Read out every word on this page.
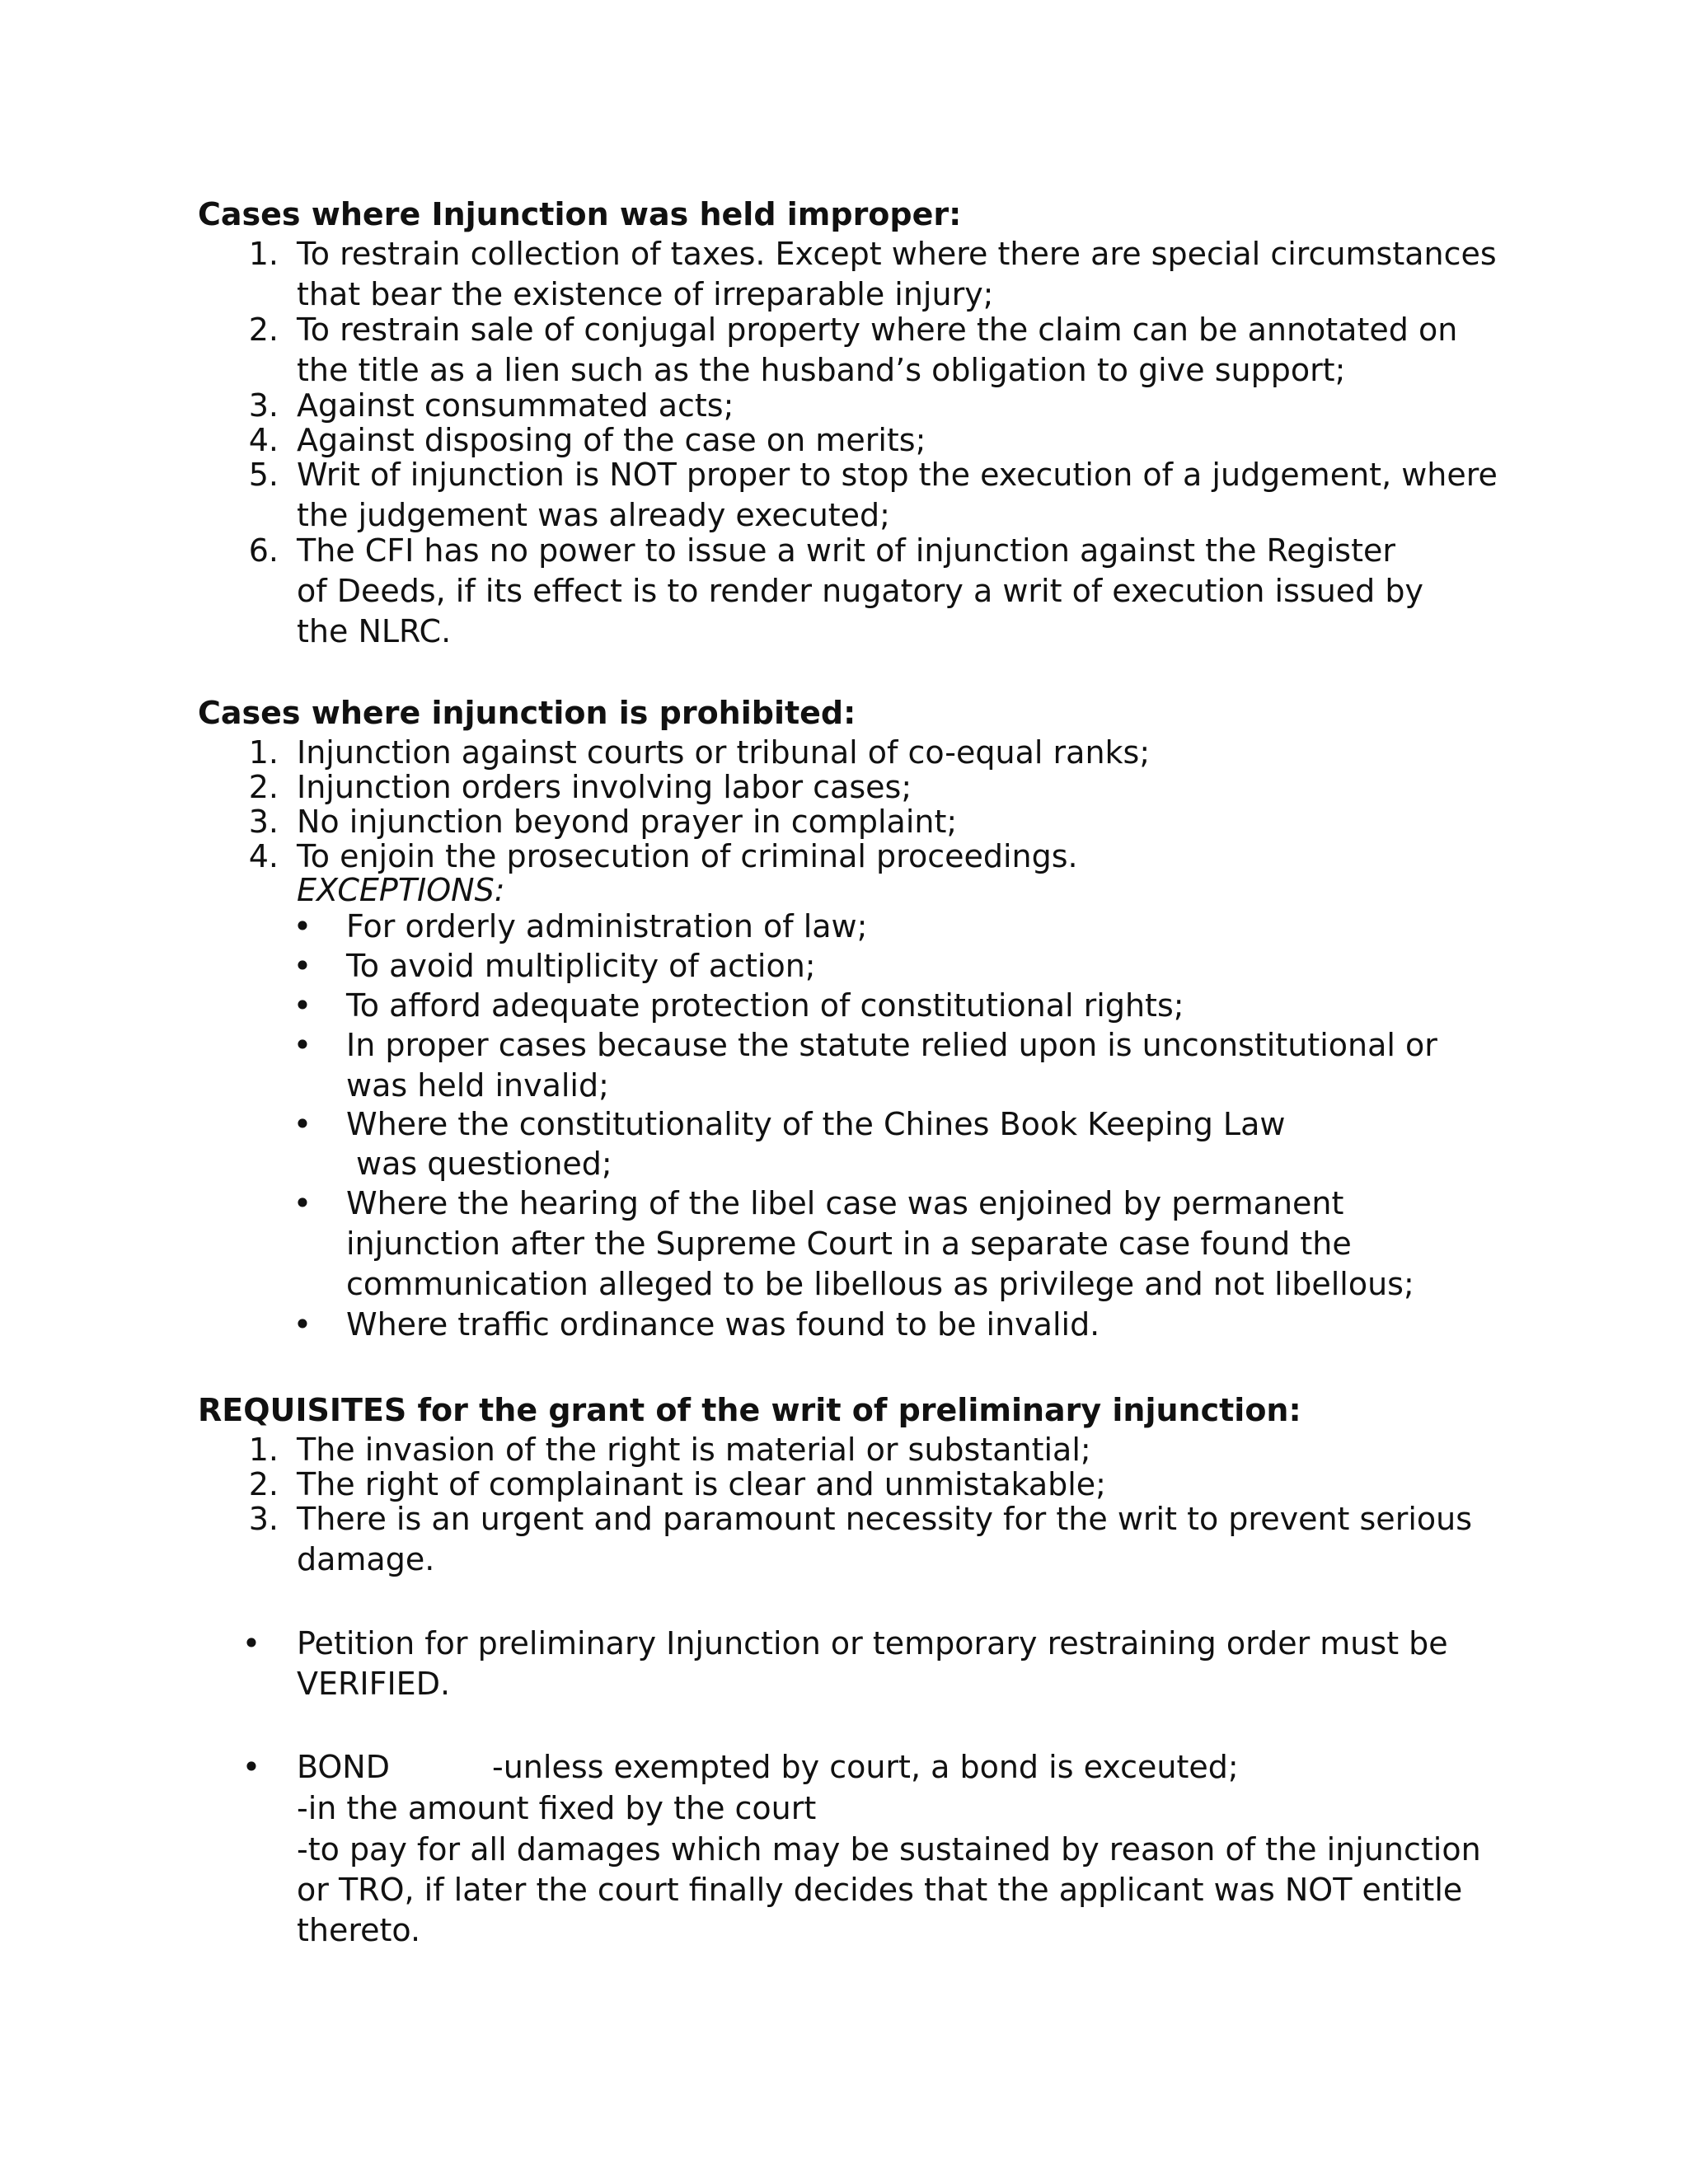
Cases where Injunction was held improper:
1. To restrain collection of taxes. Except where there are special circumstances that bear the existence of irreparable injury;
2. To restrain sale of conjugal property where the claim can be annotated on the title as a lien such as the husband’s obligation to give support;
3. Against consummated acts;
4. Against disposing of the case on merits;
5. Writ of injunction is NOT proper to stop the execution of a judgement, where the judgement was already executed;
6. The CFI has no power to issue a writ of injunction against the Register of Deeds, if its effect is to render nugatory a writ of execution issued by the NLRC.
Cases where injunction is prohibited:
1. Injunction against courts or tribunal of co-equal ranks;
2. Injunction orders involving labor cases;
3. No injunction beyond prayer in complaint;
4. To enjoin the prosecution of criminal proceedings.
EXCEPTIONS:
• For orderly administration of law;
• To avoid multiplicity of action;
• To afford adequate protection of constitutional rights;
• In proper cases because the statute relied upon is unconstitutional or was held invalid;
• Where the constitutionality of the Chines Book Keeping Law
was questioned;
• Where the hearing of the libel case was enjoined by permanent injunction after the Supreme Court in a separate case found the communication alleged to be libellous as privilege and not libellous;
• Where traffic ordinance was found to be invalid.
REQUISITES for the grant of the writ of preliminary injunction:
1. The invasion of the right is material or substantial;
2. The right of complainant is clear and unmistakable;
3. There is an urgent and paramount necessity for the writ to prevent serious damage.
• Petition for preliminary Injunction or temporary restraining order must be VERIFIED.
• BOND	-unless exempted by court, a bond is exceuted;
-in the amount fixed by the court
-to pay for all damages which may be sustained by reason of the injunction or TRO, if later the court finally decides that the applicant was NOT entitle thereto.
